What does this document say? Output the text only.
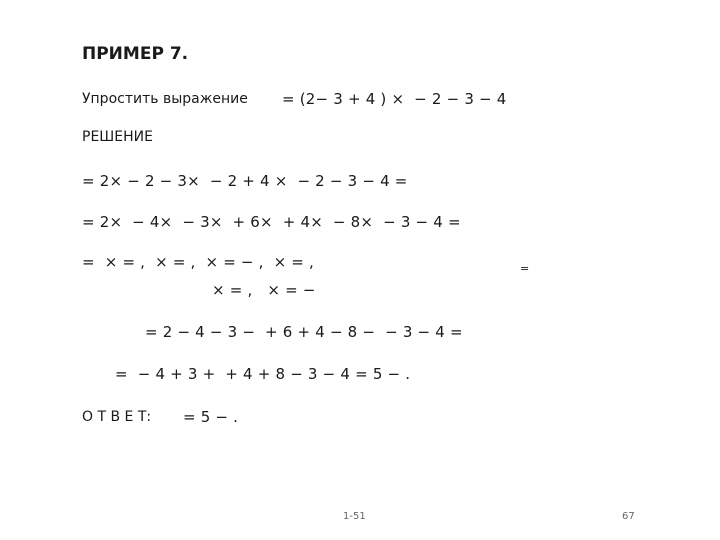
ПРИМЕР 7.
Упростить выражение = (2− 3 + 4 ) ×  − 2 − 3 − 4
РЕШЕНИЕ
= 2× − 2 − 3×  − 2 + 4 ×  − 2 − 3 − 4 =
= 2×  − 4×  − 3×  + 6×  + 4×  − 8×  − 3 − 4 =
=  × = ,  × = ,  × = − ,  × = ,
× = ,   × = −
=
= 2 − 4 − 3 −  + 6 + 4 − 8 −  − 3 − 4 =
=  − 4 + 3 +  + 4 + 8 − 3 − 4 = 5 − .
О Т В Е Т: = 5 − .
1-51	67
